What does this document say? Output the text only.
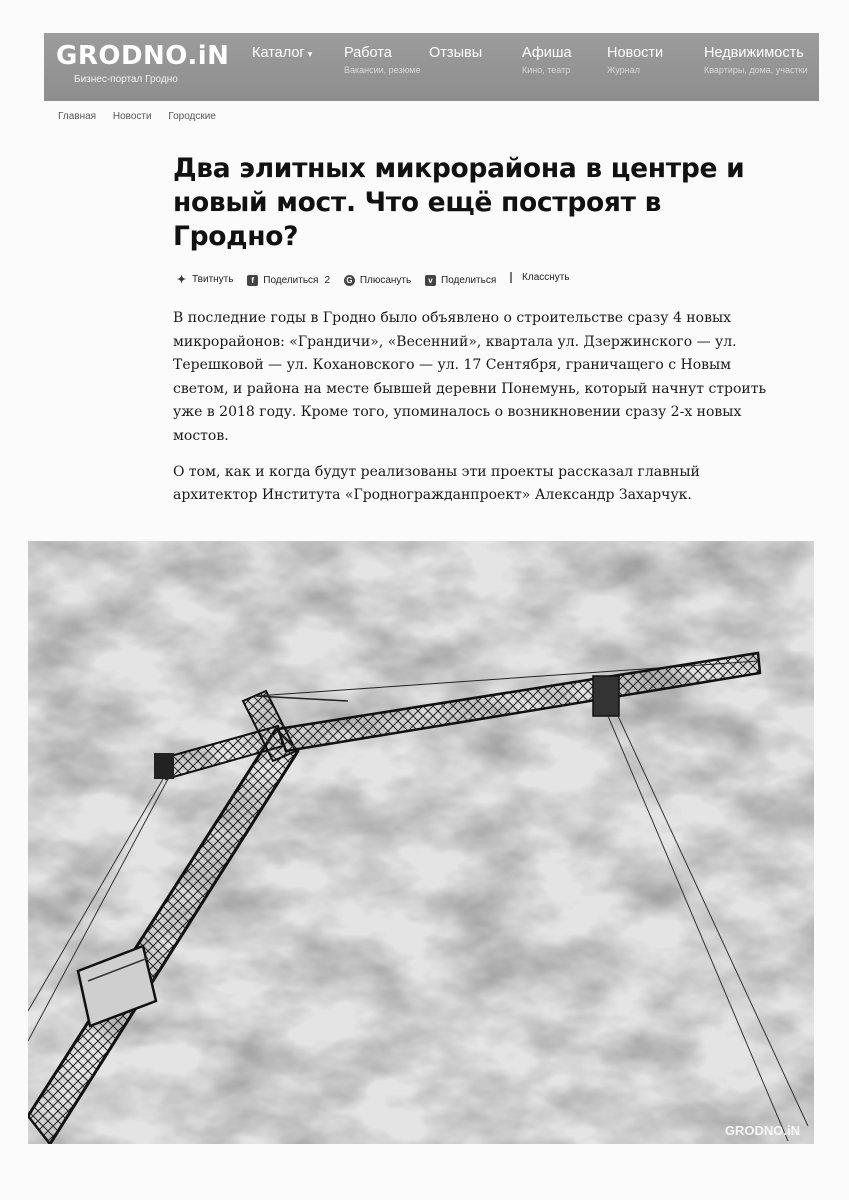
GRODNO.iN
Бизнес-портал Гродно
Каталог ▾ Работа
Вакансии, резюме
Отзывы	Афиша
Кино, театр
Новости
Журнал
Недвижимость
Квартиры, дома, участки
Главная Новости Городские
Два элитных микрорайона в центре и новый мост. Что ещё построят в Гродно?
✦ Твитнуть
	f Поделиться 2
G Плюсануть
	v Поделиться
	Класснуть

В последние годы в Гродно было объявлено о строительстве сразу 4 новых микрорайонов: «Грандичи», «Весенний», квартала ул. Дзержинского — ул. Терешковой — ул. Кохановского — ул. 17 Сентября, граничащего с Новым светом, и района на месте бывшей деревни Понемунь, который начнут строить уже в 2018 году. Кроме того, упоминалось о возникновении сразу 2-х новых мостов.

О том, как и когда будут реализованы эти проекты рассказал главный архитектор Института «Гродногражданпроект» Александр Захарчук.

GRODNO.iN
